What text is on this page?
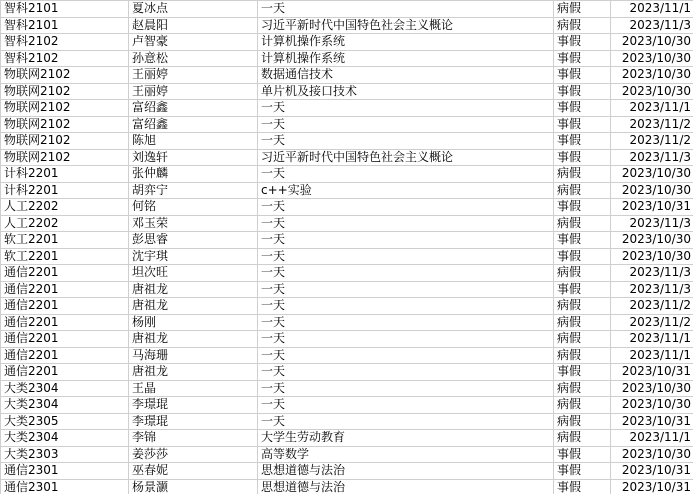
智科2101	夏冰点	一天	病假	2023/11/1
智科2101	赵晨阳	习近平新时代中国特色社会主义概论	病假	2023/11/3
智科2102	卢智豪	计算机操作系统	事假	2023/10/30
智科2102	孙意松	计算机操作系统	事假	2023/10/30
物联网2102	王丽婷	数据通信技术	事假	2023/10/30
物联网2102	王丽婷	单片机及接口技术	事假	2023/10/30
物联网2102	富绍鑫	一天	事假	2023/11/1
物联网2102	富绍鑫	一天	事假	2023/11/2
物联网2102	陈旭	一天	事假	2023/11/2
物联网2102	刘逸轩	习近平新时代中国特色社会主义概论	事假	2023/11/3
计科2201	张仲麟	一天	病假	2023/10/30
计科2201	胡弈宁	c++实验	病假	2023/10/30
人工2202	何铭	一天	事假	2023/10/31
人工2202	邓玉荣	一天	病假	2023/11/3
软工2201	彭思睿	一天	事假	2023/10/30
软工2201	沈宇琪	一天	事假	2023/10/30
通信2201	坦次旺	一天	病假	2023/11/3
通信2201	唐祖龙	一天	事假	2023/11/3
通信2201	唐祖龙	一天	病假	2023/11/2
通信2201	杨刚	一天	病假	2023/11/2
通信2201	唐祖龙	一天	病假	2023/11/1
通信2201	马海珊	一天	病假	2023/11/1
通信2201	唐祖龙	一天	事假	2023/10/31
大类2304	王晶	一天	病假	2023/10/30
大类2304	李璟琨	一天	病假	2023/10/30
大类2305	李璟琨	一天	病假	2023/10/31
大类2304	李锦	大学生劳动教育	病假	2023/11/1
大类2303	姜莎莎	高等数学	事假	2023/10/30
通信2301	巫春妮	思想道德与法治	事假	2023/10/31
通信2301	杨景灏	思想道德与法治	事假	2023/10/31
